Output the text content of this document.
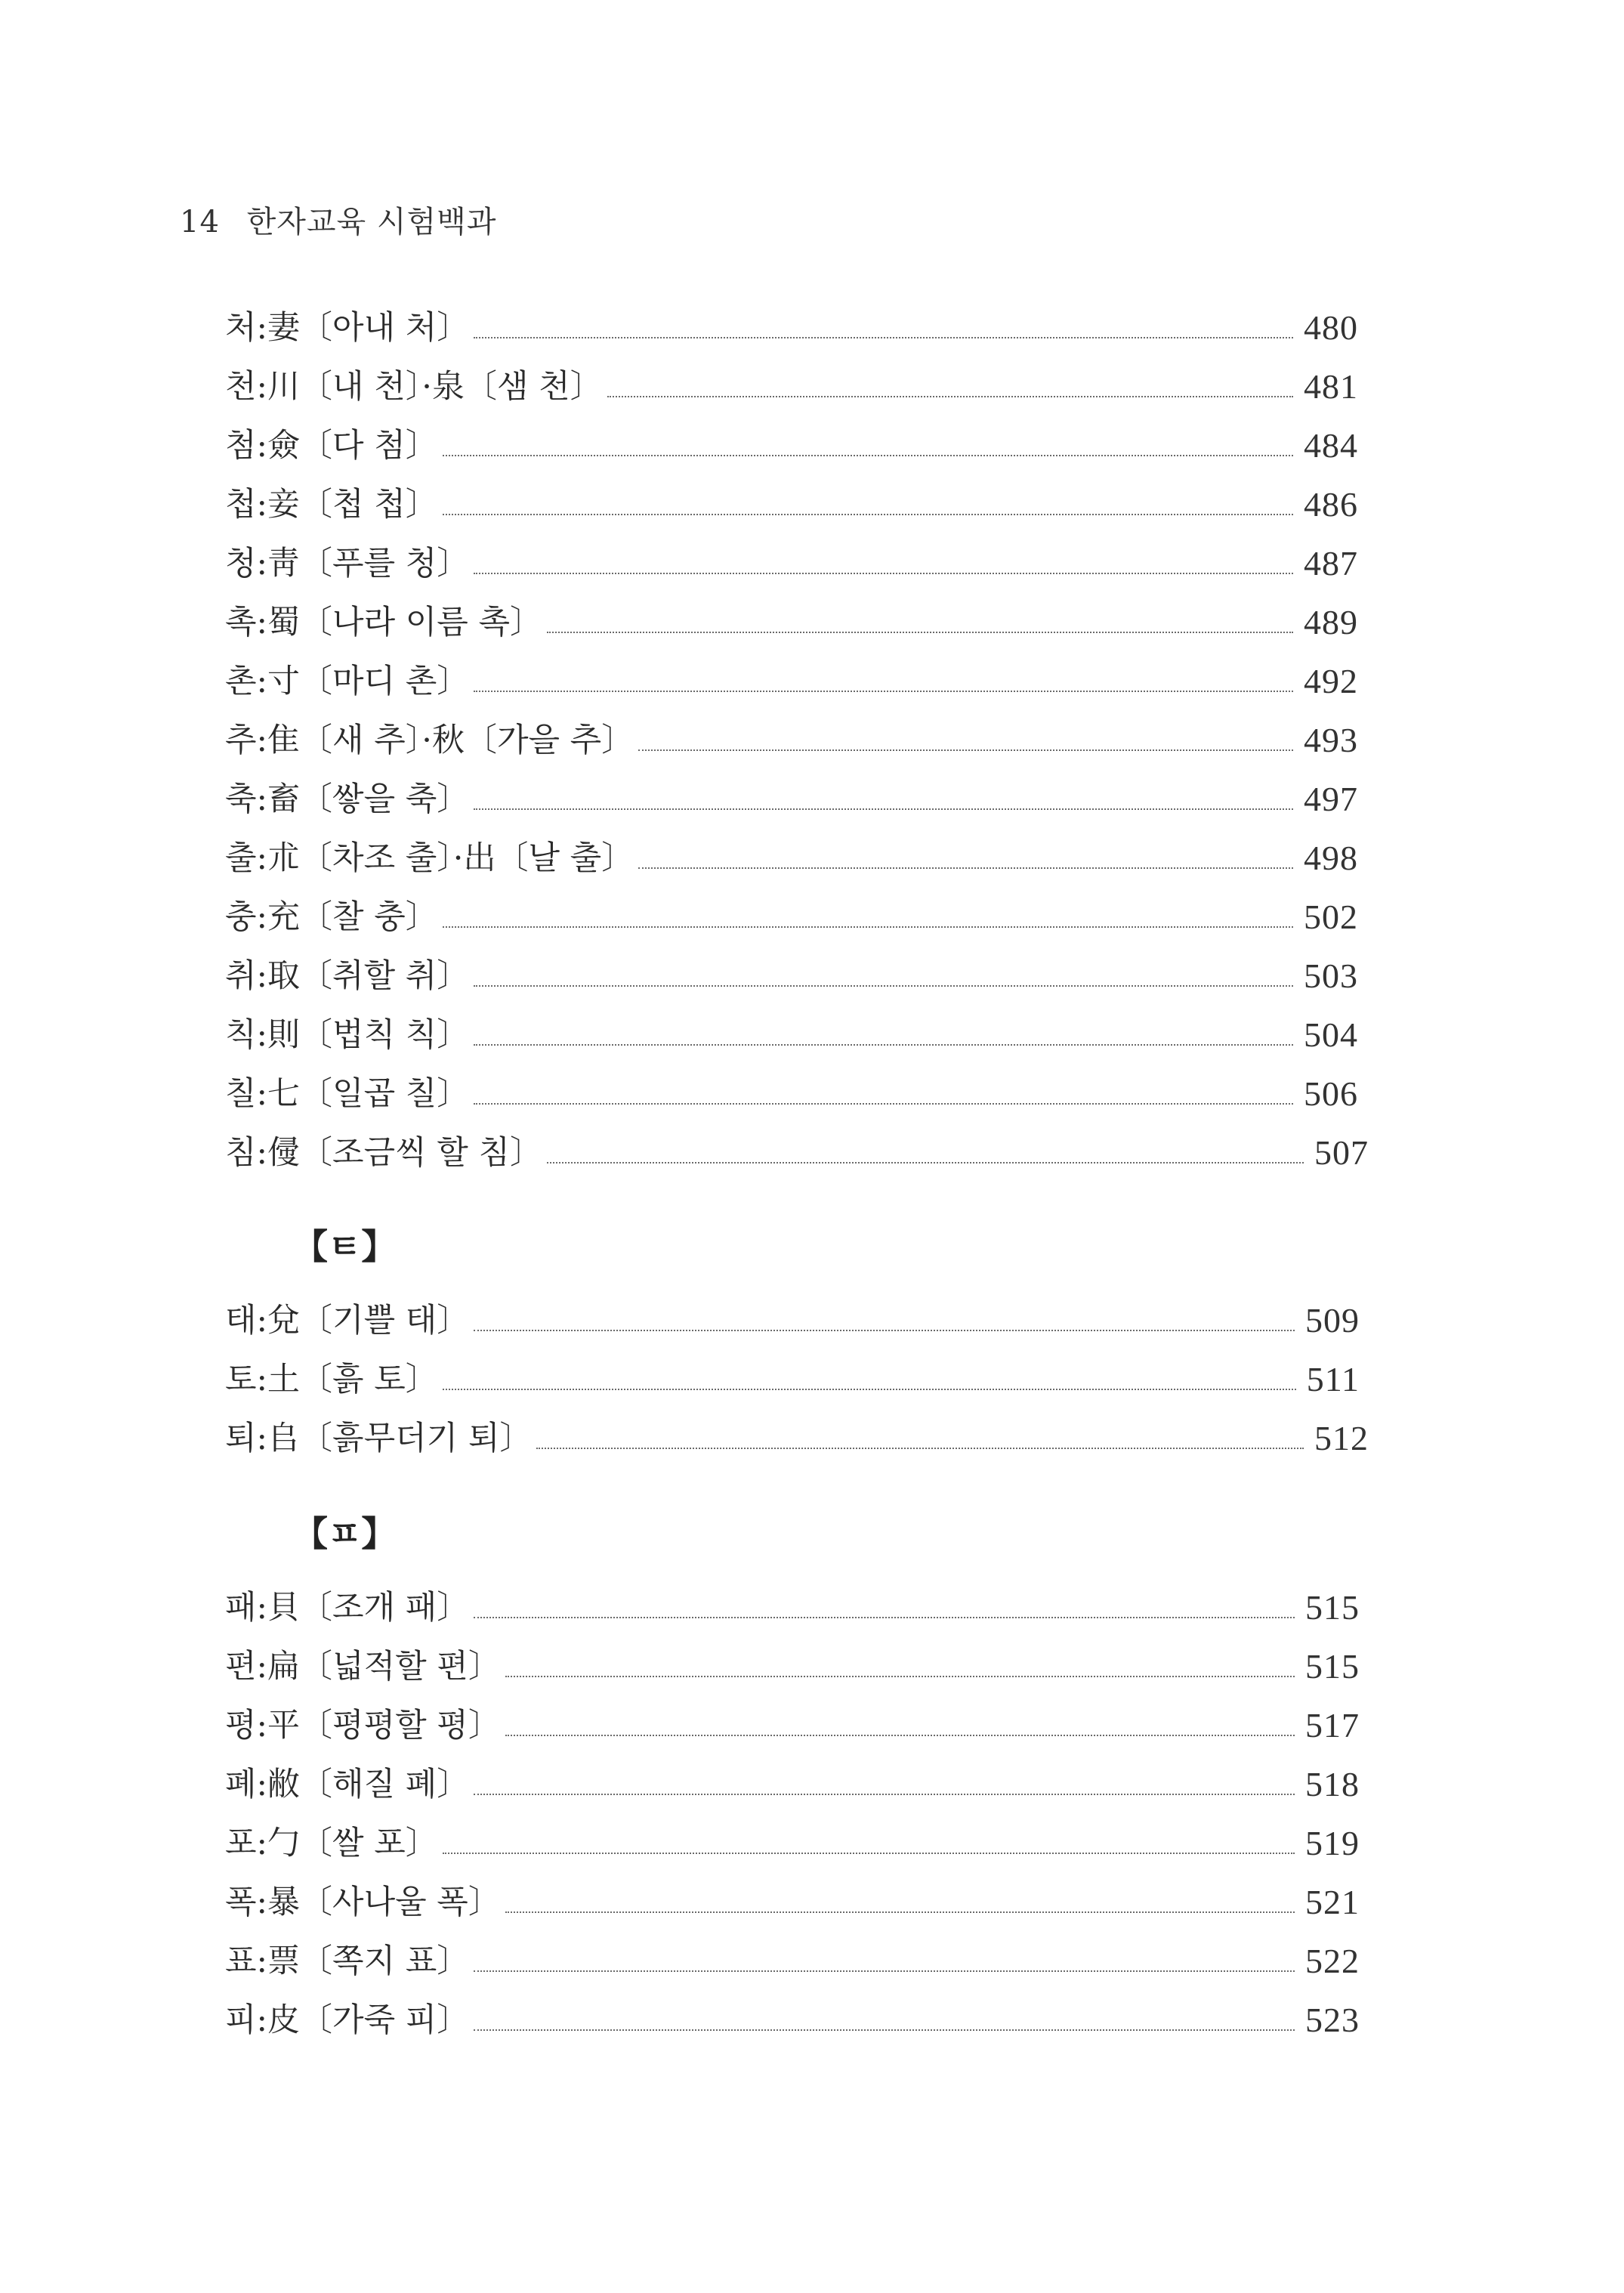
14 한자교육 시험백과
처:妻〔아내 처〕	480
천:川〔내 천〕·泉〔샘 천〕	481
첨:僉〔다 첨〕	484
첩:妾〔첩 첩〕	486
청:靑〔푸를 청〕	487
촉:蜀〔나라 이름 촉〕	489
촌:寸〔마디 촌〕	492
추:隹〔새 추〕·秋〔가을 추〕	493
축:畜〔쌓을 축〕	497
출:朮〔차조 출〕·出〔날 출〕	498
충:充〔찰 충〕	502
취:取〔취할 취〕	503
칙:則〔법칙 칙〕	504
칠:七〔일곱 칠〕	506
침:㑴〔조금씩 할 침〕	507
【ㅌ】
태:兌〔기쁠 태〕	509
토:土〔흙 토〕	511
퇴:𠂤〔흙무더기 퇴〕	512
【ㅍ】
패:貝〔조개 패〕	515
편:扁〔넓적할 편〕	515
평:平〔평평할 평〕	517
폐:敝〔해질 폐〕	518
포:勹〔쌀 포〕	519
폭:暴〔사나울 폭〕	521
표:票〔쪽지 표〕	522
피:皮〔가죽 피〕	523
